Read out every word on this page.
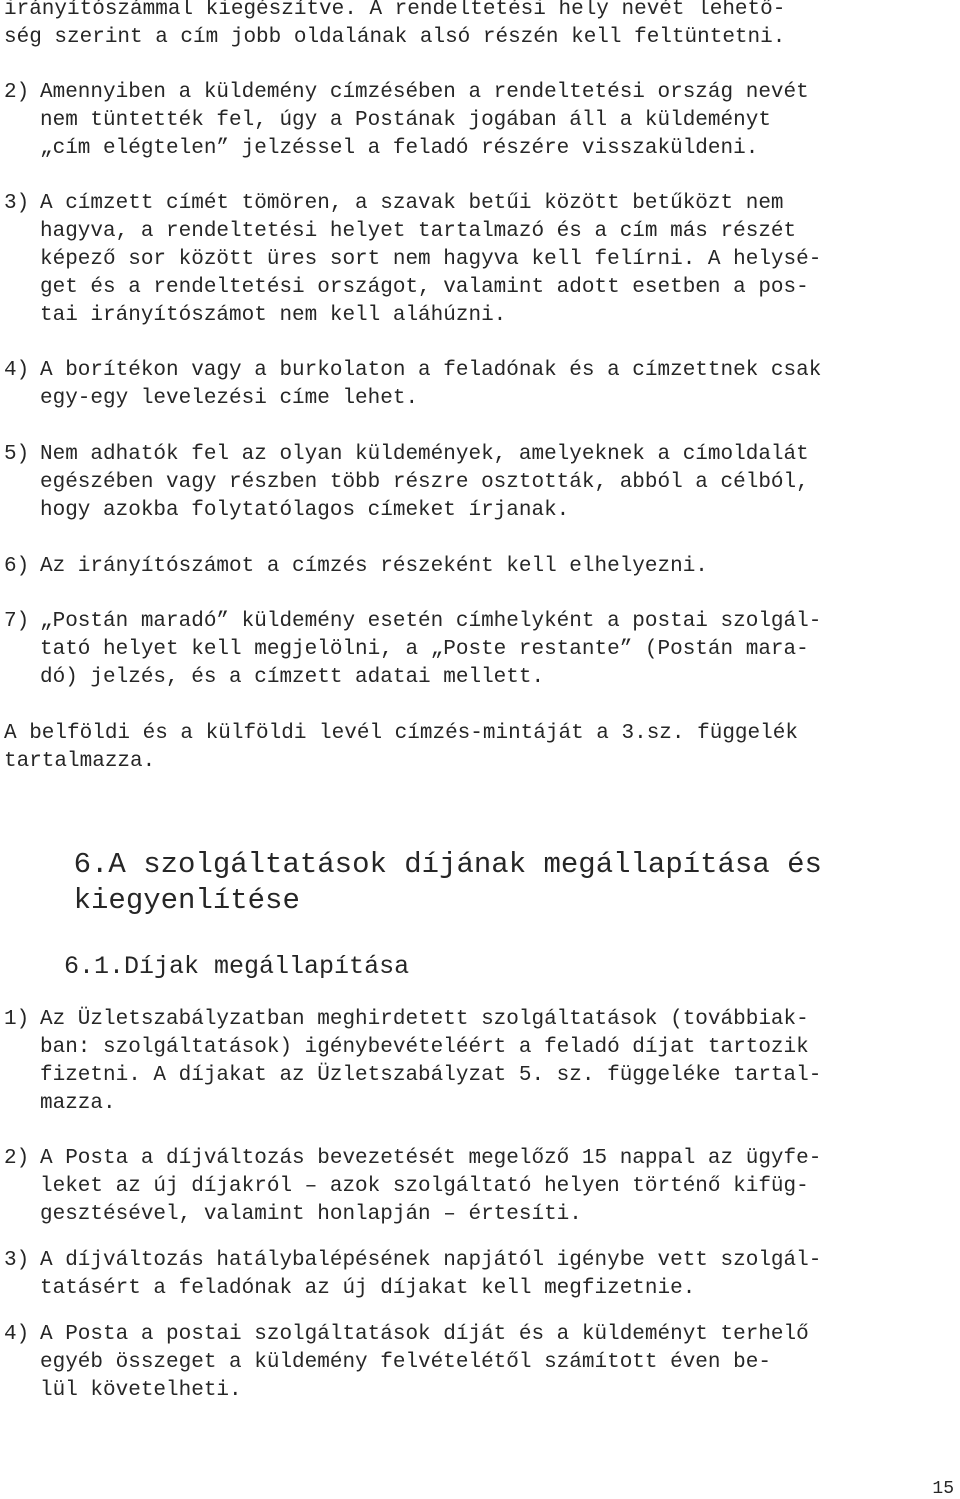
irányítószámmal kiegészítve. A rendeltetési hely nevét lehető-
ség szerint a cím jobb oldalának alsó részén kell feltüntetni.
2) Amennyiben a küldemény címzésében a rendeltetési ország nevét
nem tüntették fel, úgy a Postának jogában áll a küldeményt
„cím elégtelen” jelzéssel a feladó részére visszaküldeni.
3) A címzett címét tömören, a szavak betűi között betűközt nem
hagyva, a rendeltetési helyet tartalmazó és a cím más részét
képező sor között üres sort nem hagyva kell felírni. A helysé-
get és a rendeltetési országot, valamint adott esetben a pos-
tai irányítószámot nem kell aláhúzni.
4) A borítékon vagy a burkolaton a feladónak és a címzettnek csak
egy-egy levelezési címe lehet.
5) Nem adhatók fel az olyan küldemények, amelyeknek a címoldalát
egészében vagy részben több részre osztották, abból a célból,
hogy azokba folytatólagos címeket írjanak.
6) Az irányítószámot a címzés részeként kell elhelyezni.
7) „Postán maradó” küldemény esetén címhelyként a postai szolgál-
tató helyet kell megjelölni, a „Poste restante” (Postán mara-
dó) jelzés, és a címzett adatai mellett.
A belföldi és a külföldi levél címzés-mintáját a 3.sz. függelék
tartalmazza.

6.A szolgáltatások díjának megállapítása és

kiegyenlítése

6.1.Díjak megállapítása

1) Az Üzletszabályzatban meghirdetett szolgáltatások (továbbiak-
ban: szolgáltatások) igénybevételéért a feladó díjat tartozik
fizetni. A díjakat az Üzletszabályzat 5. sz. függeléke tartal-
mazza.
2) A Posta a díjváltozás bevezetését megelőző 15 nappal az ügyfe-
leket az új díjakról – azok szolgáltató helyen történő kifüg-
gesztésével, valamint honlapján – értesíti.
3) A díjváltozás hatálybalépésének napjától igénybe vett szolgál-
tatásért a feladónak az új díjakat kell megfizetnie.
4) A Posta a postai szolgáltatások díját és a küldeményt terhelő
egyéb összeget a küldemény felvételétől számított éven be-
lül követelheti.
15
